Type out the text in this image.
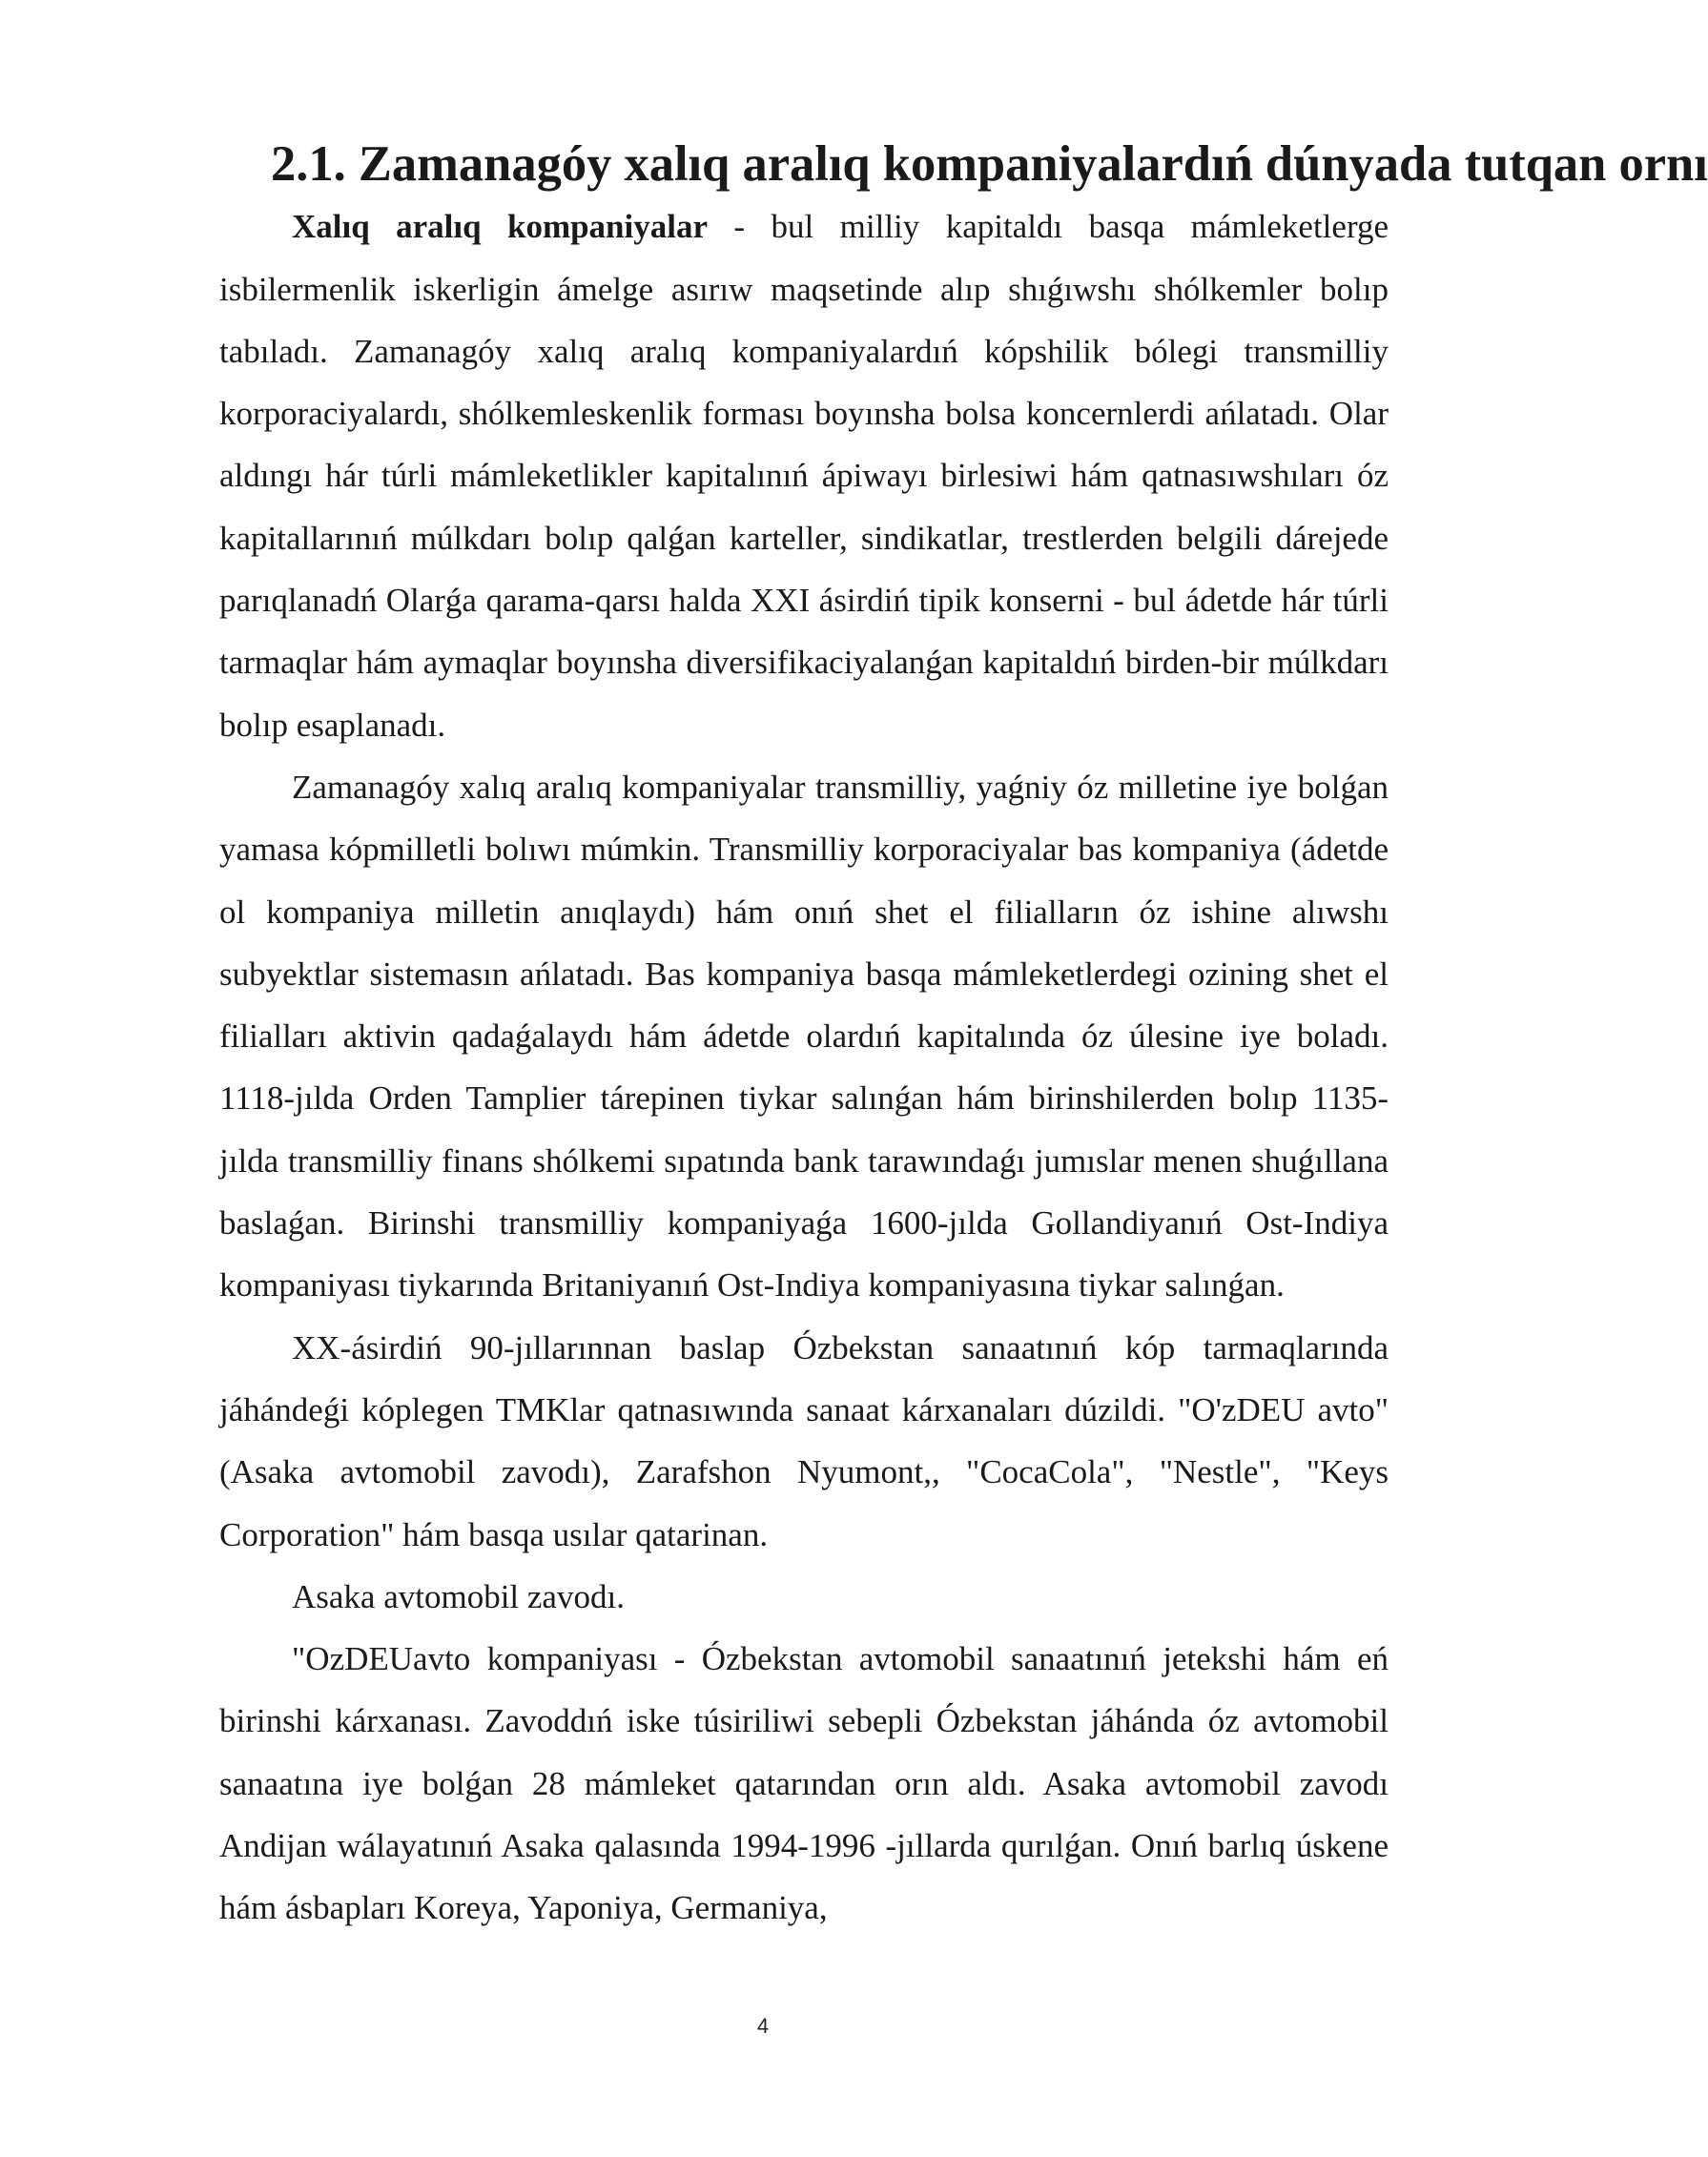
2.1. Zamanagóy xalıq aralıq kompaniyalardıń dúnyada tutqan ornı

Xalıq aralıq kompaniyalar - bul milliy kapitaldı basqa mámleketlerge isbilermenlik iskerligin ámelge asırıw maqsetinde alıp shıǵıwshı shólkemler bolıp tabıladı. Zamanagóy xalıq aralıq kompaniyalardıń kópshilik bólegi transmilliy korporaciyalardı, shólkemleskenlik forması boyınsha bolsa koncernlerdi ańlatadı. Olar aldıngı hár túrli mámleketlikler kapitalınıń ápiwayı birlesiwi hám qatnasıwshıları óz kapitallarınıń múlkdarı bolıp qalǵan karteller, sindikatlar, trestlerden belgili dárejede parıqlanadń Olarǵa qarama-qarsı halda XXI ásirdiń tipik konserni - bul ádetde hár túrli tarmaqlar hám aymaqlar boyınsha diversifikaciyalanǵan kapitaldıń birden-bir múlkdarı bolıp esaplanadı.

Zamanagóy xalıq aralıq kompaniyalar transmilliy, yaǵniy óz milletine iye bolǵan yamasa kópmilletli bolıwı múmkin. Transmilliy korporaciyalar bas kompaniya (ádetde ol kompaniya milletin anıqlaydı) hám onıń shet el filialların óz ishine alıwshı subyektlar sistemasın ańlatadı. Bas kompaniya basqa mámleketlerdegi ozining shet el filialları aktivin qadaǵalaydı hám ádetde olardıń kapitalında óz úlesine iye boladı. 1118-jılda Orden Tamplier tárepinen tiykar salınǵan hám birinshilerden bolıp 1135-jılda transmilliy finans shólkemi sıpatında bank tarawındaǵı jumıslar menen shuǵıllana baslaǵan. Birinshi transmilliy kompaniyaǵa 1600-jılda Gollandiyanıń Ost-Indiya kompaniyası tiykarında Britaniyanıń Ost-Indiya kompaniyasına tiykar salınǵan.

XX-ásirdiń 90-jıllarınnan baslap Ózbekstan sanaatınıń kóp tarmaqlarında jáhándeǵi kóplegen TMKlar qatnasıwında sanaat kárxanaları dúzildi. "O'zDEU avto" (Asaka avtomobil zavodı), Zarafshon Nyumont,, "CocaCola", "Nestle", "Keys Corporation" hám basqa usılar qatarinan.

Asaka avtomobil zavodı.

"OzDEUavto kompaniyası - Ózbekstan avtomobil sanaatınıń jetekshi hám eń birinshi kárxanası. Zavoddıń iske túsiriliwi sebepli Ózbekstan jáhánda óz avtomobil sanaatına iye bolǵan 28 mámleket qatarından orın aldı. Asaka avtomobil zavodı Andijan wálayatınıń Asaka qalasında 1994-1996 -jıllarda qurılǵan. Onıń barlıq úskene hám ásbapları Koreya, Yaponiya, Germaniya,

4
